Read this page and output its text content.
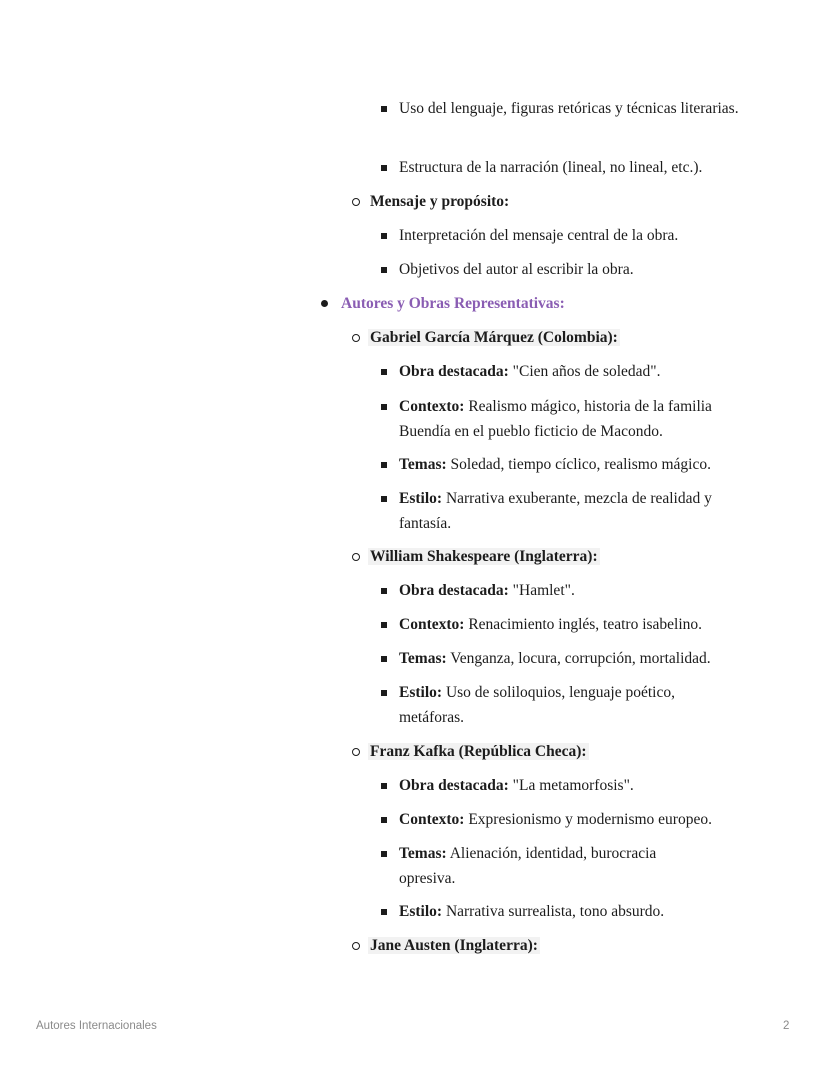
Uso del lenguaje, figuras retóricas y técnicas literarias.
Estructura de la narración (lineal, no lineal, etc.).
Mensaje y propósito:
Interpretación del mensaje central de la obra.
Objetivos del autor al escribir la obra.
Autores y Obras Representativas:
Gabriel García Márquez (Colombia):
Obra destacada: "Cien años de soledad".
Contexto: Realismo mágico, historia de la familia Buendía en el pueblo ficticio de Macondo.
Temas: Soledad, tiempo cíclico, realismo mágico.
Estilo: Narrativa exuberante, mezcla de realidad y fantasía.
William Shakespeare (Inglaterra):
Obra destacada: "Hamlet".
Contexto: Renacimiento inglés, teatro isabelino.
Temas: Venganza, locura, corrupción, mortalidad.
Estilo: Uso de soliloquios, lenguaje poético, metáforas.
Franz Kafka (República Checa):
Obra destacada: "La metamorfosis".
Contexto: Expresionismo y modernismo europeo.
Temas: Alienación, identidad, burocracia opresiva.
Estilo: Narrativa surrealista, tono absurdo.
Jane Austen (Inglaterra):
Autores Internacionales	2
